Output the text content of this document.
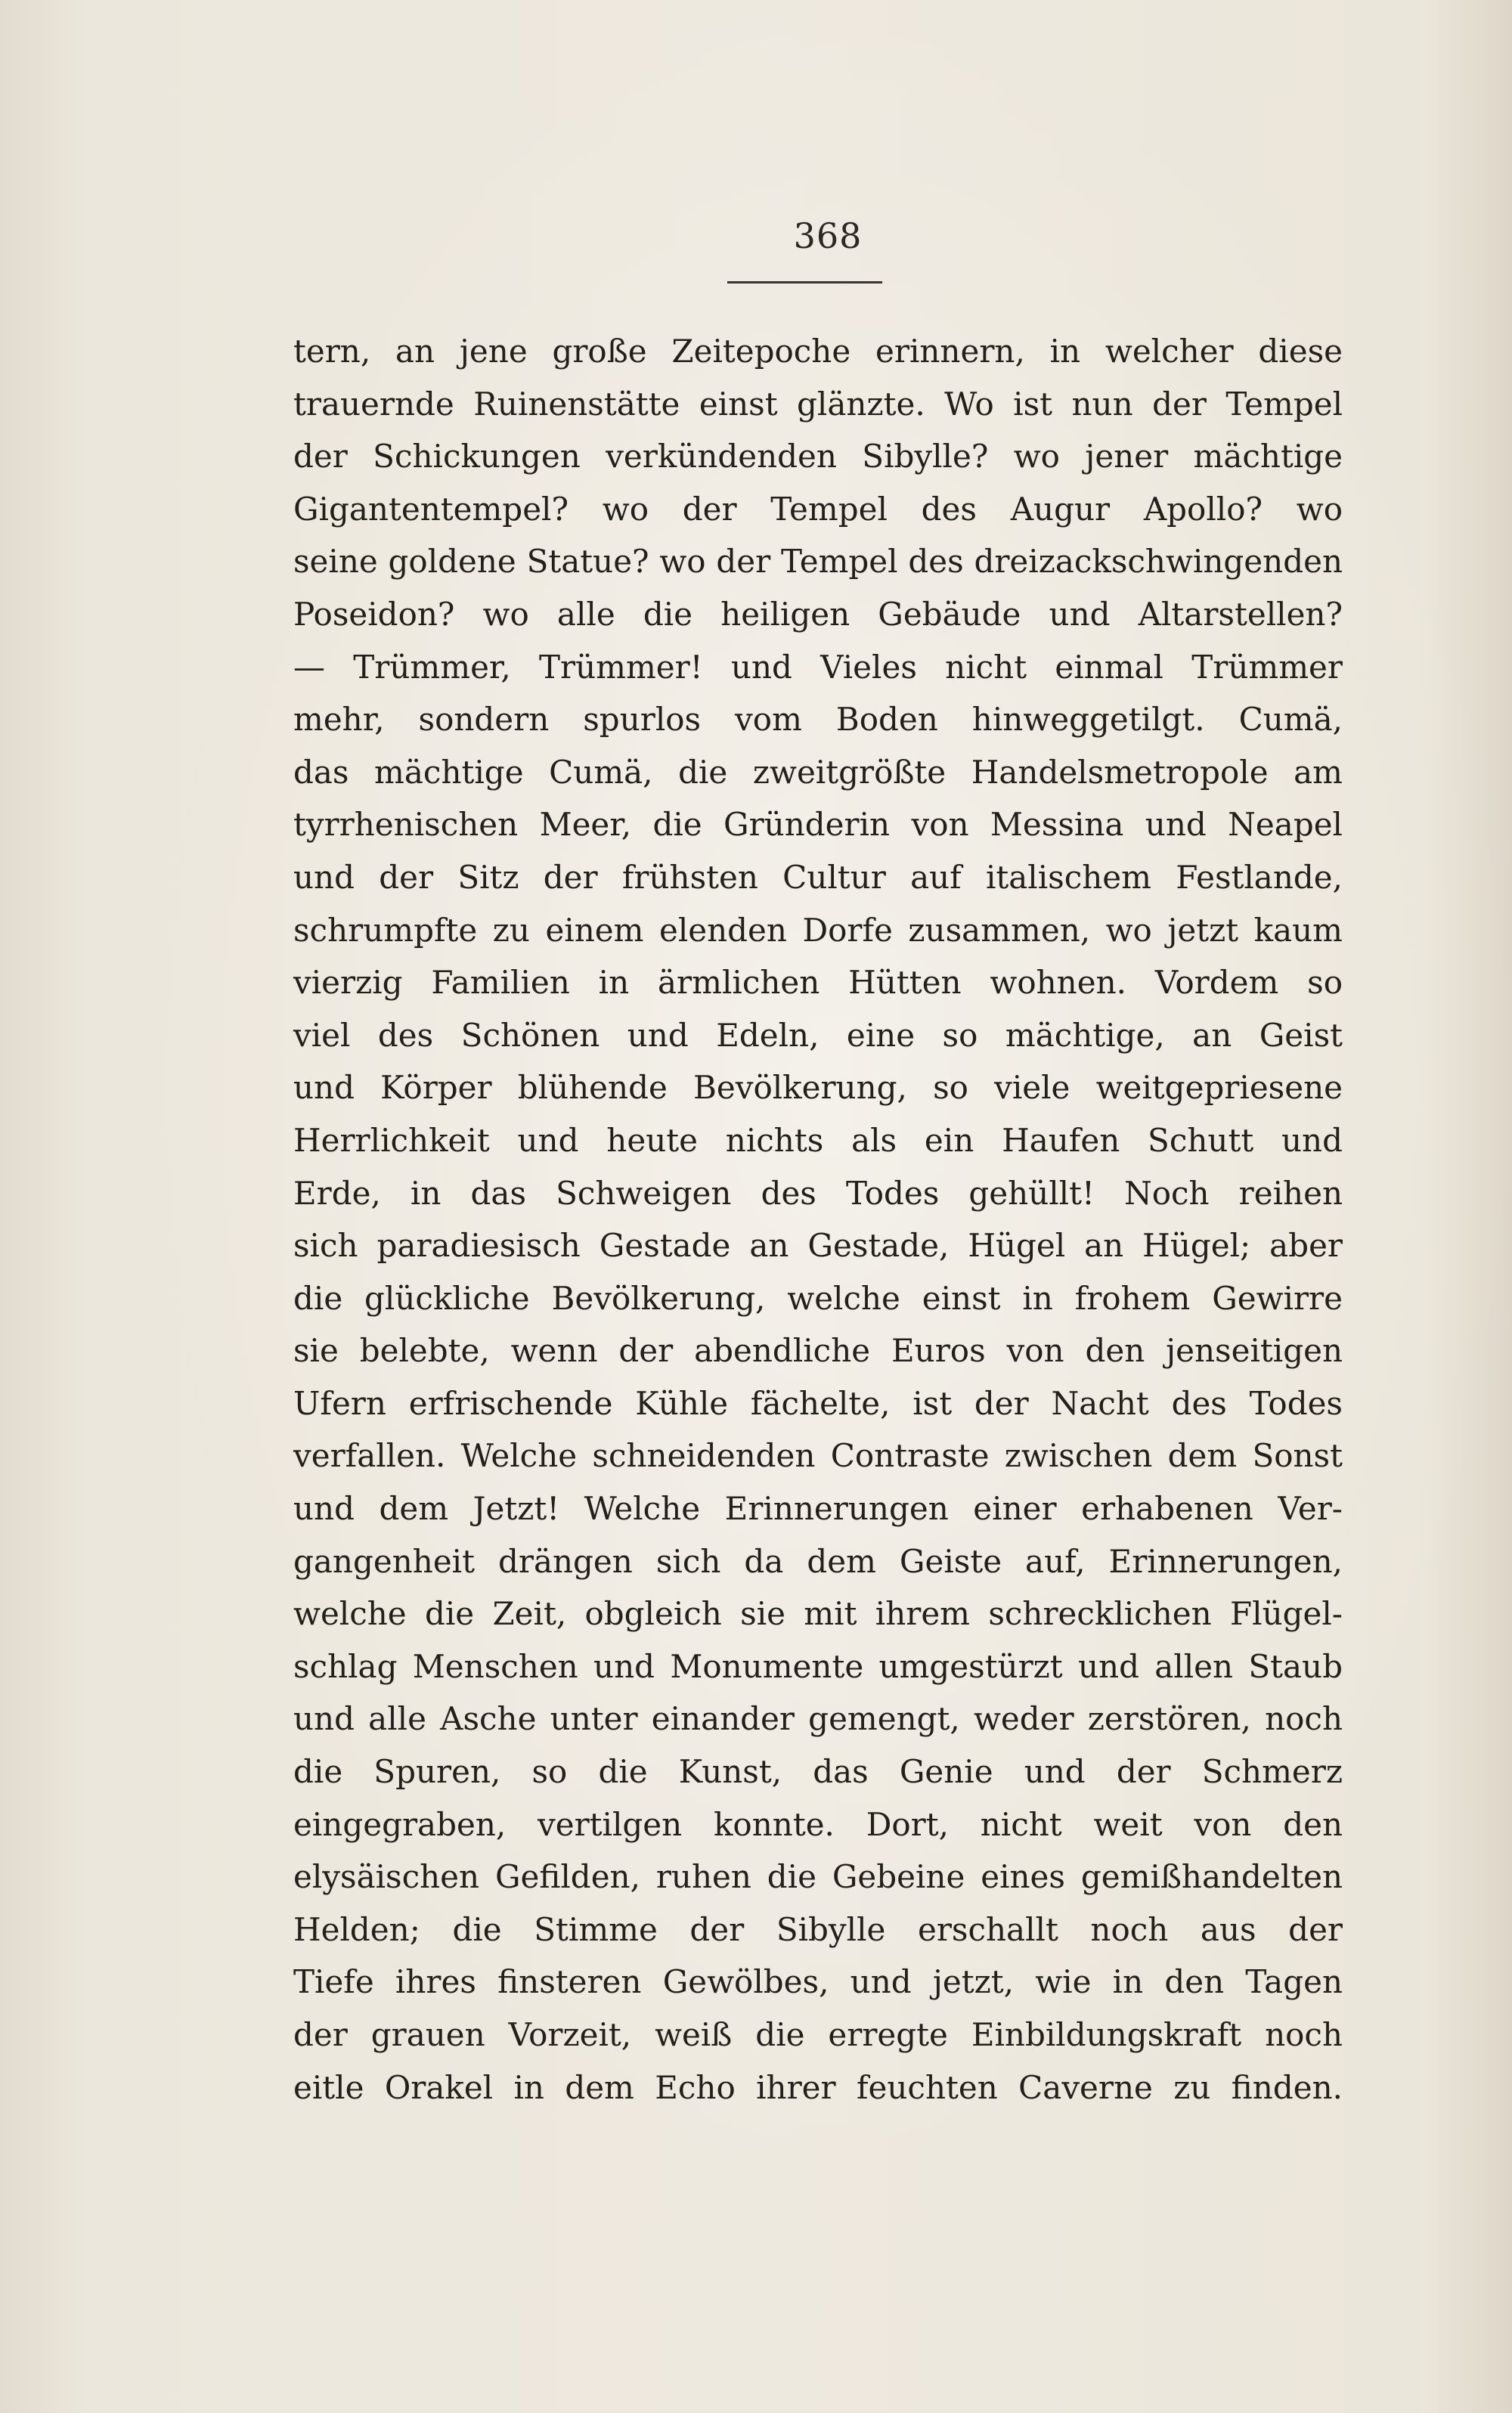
368
tern, an jene große Zeitepoche erinnern, in welcher diese
trauernde Ruinenstätte einst glänzte. Wo ist nun der Tempel
der Schickungen verkündenden Sibylle? wo jener mächtige
Gigantentempel? wo der Tempel des Augur Apollo? wo
seine goldene Statue? wo der Tempel des dreizackschwingenden
Poseidon? wo alle die heiligen Gebäude und Altarstellen?
— Trümmer, Trümmer! und Vieles nicht einmal Trümmer
mehr, sondern spurlos vom Boden hinweggetilgt. Cumä,
das mächtige Cumä, die zweitgrößte Handelsmetropole am
tyrrhenischen Meer, die Gründerin von Messina und Neapel
und der Sitz der frühsten Cultur auf italischem Festlande,
schrumpfte zu einem elenden Dorfe zusammen, wo jetzt kaum
vierzig Familien in ärmlichen Hütten wohnen. Vordem so
viel des Schönen und Edeln, eine so mächtige, an Geist
und Körper blühende Bevölkerung, so viele weitgepriesene
Herrlichkeit und heute nichts als ein Haufen Schutt und
Erde, in das Schweigen des Todes gehüllt! Noch reihen
sich paradiesisch Gestade an Gestade, Hügel an Hügel; aber
die glückliche Bevölkerung, welche einst in frohem Gewirre
sie belebte, wenn der abendliche Euros von den jenseitigen
Ufern erfrischende Kühle fächelte, ist der Nacht des Todes
verfallen. Welche schneidenden Contraste zwischen dem Sonst
und dem Jetzt! Welche Erinnerungen einer erhabenen Ver-
gangenheit drängen sich da dem Geiste auf, Erinnerungen,
welche die Zeit, obgleich sie mit ihrem schrecklichen Flügel-
schlag Menschen und Monumente umgestürzt und allen Staub
und alle Asche unter einander gemengt, weder zerstören, noch
die Spuren, so die Kunst, das Genie und der Schmerz
eingegraben, vertilgen konnte. Dort, nicht weit von den
elysäischen Gefilden, ruhen die Gebeine eines gemißhandelten
Helden; die Stimme der Sibylle erschallt noch aus der
Tiefe ihres finsteren Gewölbes, und jetzt, wie in den Tagen
der grauen Vorzeit, weiß die erregte Einbildungskraft noch
eitle Orakel in dem Echo ihrer feuchten Caverne zu finden.
